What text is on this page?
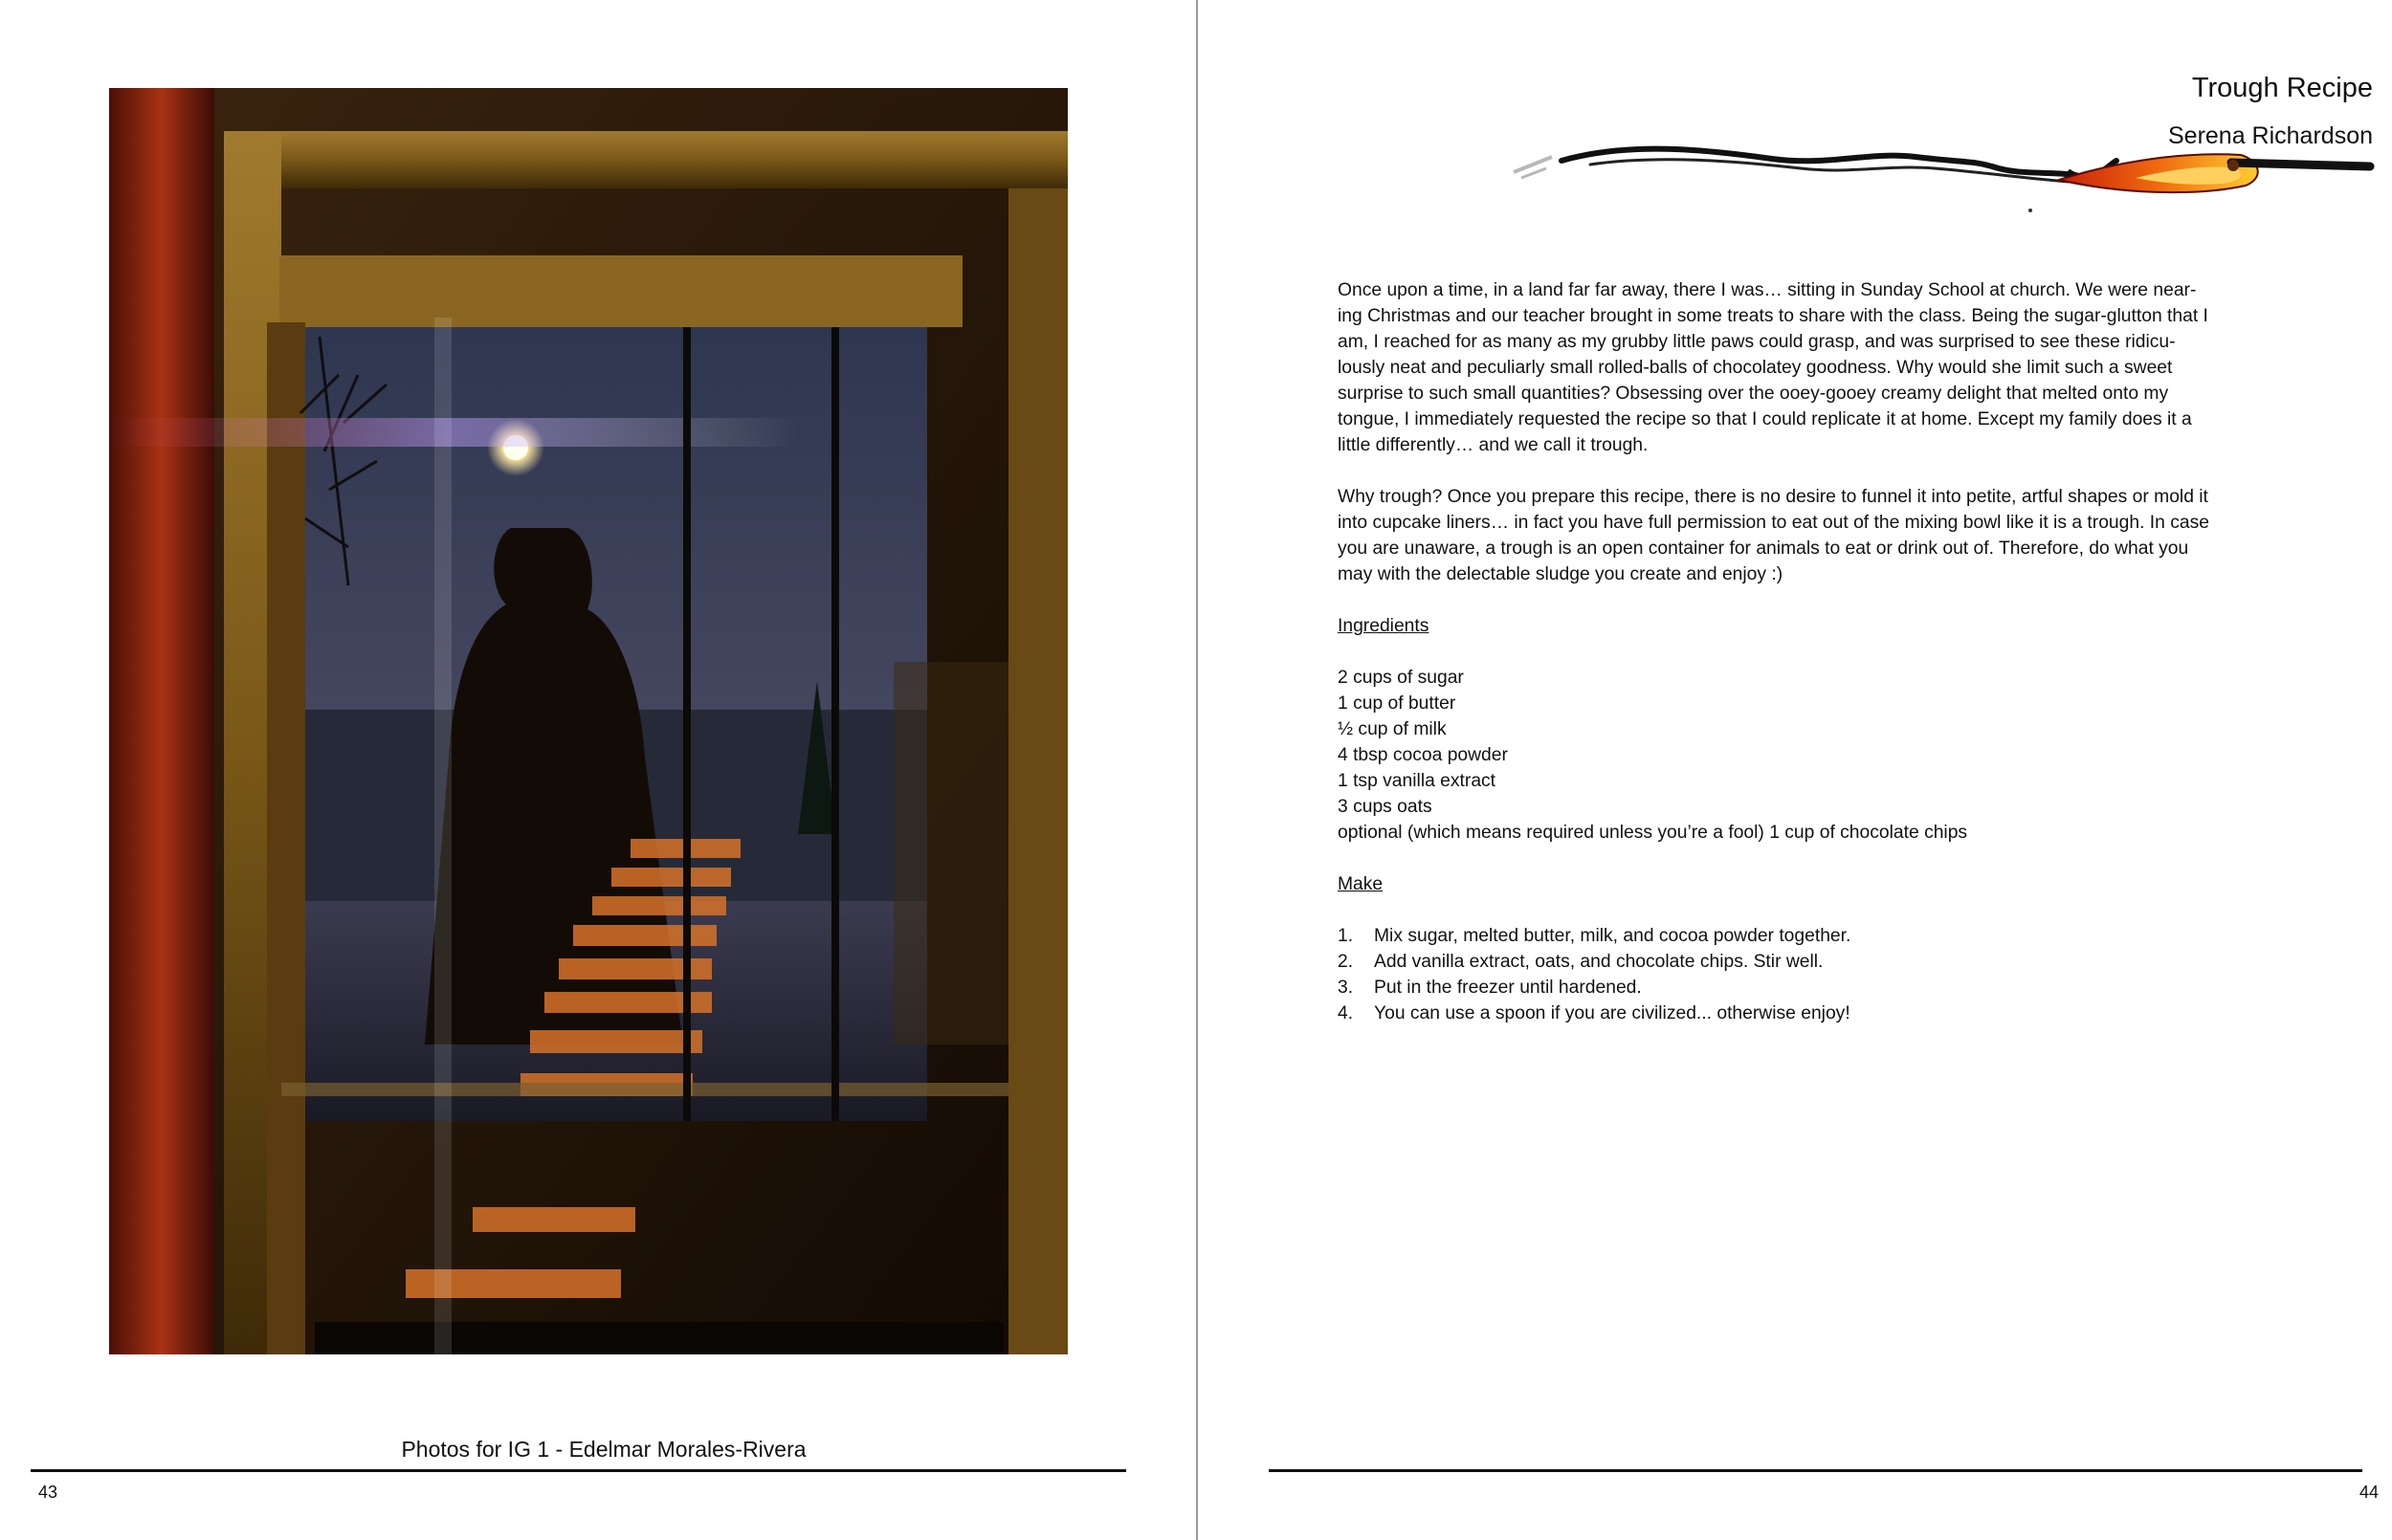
Photos for IG 1 - Edelmar Morales-Rivera
43
Trough Recipe
Serena Richardson

Once upon a time, in a land far far away, there I was… sitting in Sunday School at church. We were near-ing Christmas and our teacher brought in some treats to share with the class. Being the sugar-glutton that I am, I reached for as many as my grubby little paws could grasp, and was surprised to see these ridicu-lously neat and peculiarly small rolled-balls of chocolatey goodness. Why would she limit such a sweet surprise to such small quantities? Obsessing over the ooey-gooey creamy delight that melted onto my tongue, I immediately requested the recipe so that I could replicate it at home. Except my family does it a little differently… and we call it trough.

Why trough? Once you prepare this recipe, there is no desire to funnel it into petite, artful shapes or mold it into cupcake liners… in fact you have full permission to eat out of the mixing bowl like it is a trough. In case you are unaware, a trough is an open container for animals to eat or drink out of. Therefore, do what you may with the delectable sludge you create and enjoy :)

Ingredients
2 cups of sugar
1 cup of butter
½ cup of milk
4 tbsp cocoa powder
1 tsp vanilla extract
3 cups oats
optional (which means required unless you’re a fool) 1 cup of chocolate chips
Make
1.	Mix sugar, melted butter, milk, and cocoa powder together.
2.	Add vanilla extract, oats, and chocolate chips. Stir well.
3.	Put in the freezer until hardened.
4.	You can use a spoon if you are civilized... otherwise enjoy!
44
